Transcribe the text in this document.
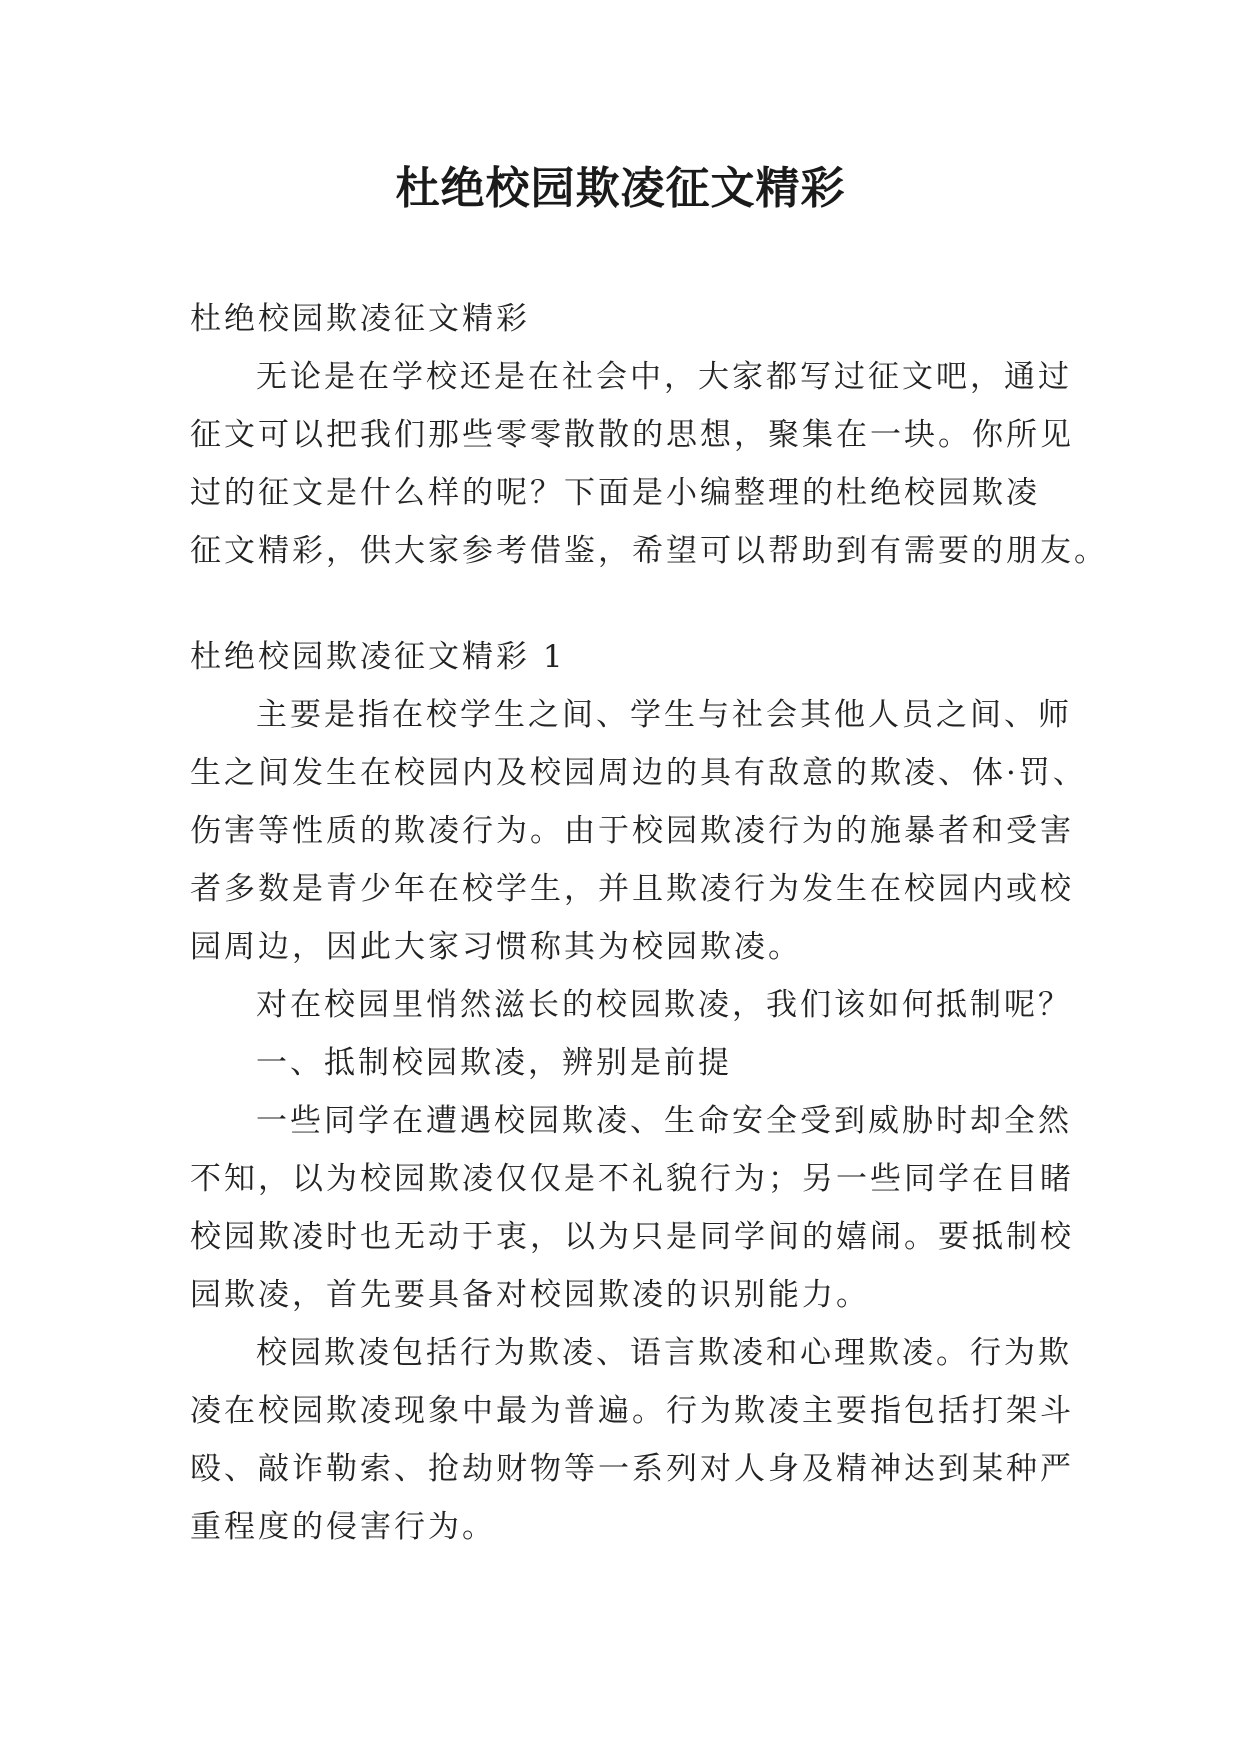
杜绝校园欺凌征文精彩
杜绝校园欺凌征文精彩
无论是在学校还是在社会中，大家都写过征文吧，通过
征文可以把我们那些零零散散的思想，聚集在一块。你所见
过的征文是什么样的呢？下面是小编整理的杜绝校园欺凌
征文精彩，供大家参考借鉴，希望可以帮助到有需要的朋友。
杜绝校园欺凌征文精彩 1
主要是指在校学生之间、学生与社会其他人员之间、师
生之间发生在校园内及校园周边的具有敌意的欺凌、体·罚、
伤害等性质的欺凌行为。由于校园欺凌行为的施暴者和受害
者多数是青少年在校学生，并且欺凌行为发生在校园内或校
园周边，因此大家习惯称其为校园欺凌。
对在校园里悄然滋长的校园欺凌，我们该如何抵制呢？
一、抵制校园欺凌，辨别是前提
一些同学在遭遇校园欺凌、生命安全受到威胁时却全然
不知，以为校园欺凌仅仅是不礼貌行为；另一些同学在目睹
校园欺凌时也无动于衷，以为只是同学间的嬉闹。要抵制校
园欺凌，首先要具备对校园欺凌的识别能力。
校园欺凌包括行为欺凌、语言欺凌和心理欺凌。行为欺
凌在校园欺凌现象中最为普遍。行为欺凌主要指包括打架斗
殴、敲诈勒索、抢劫财物等一系列对人身及精神达到某种严
重程度的侵害行为。
